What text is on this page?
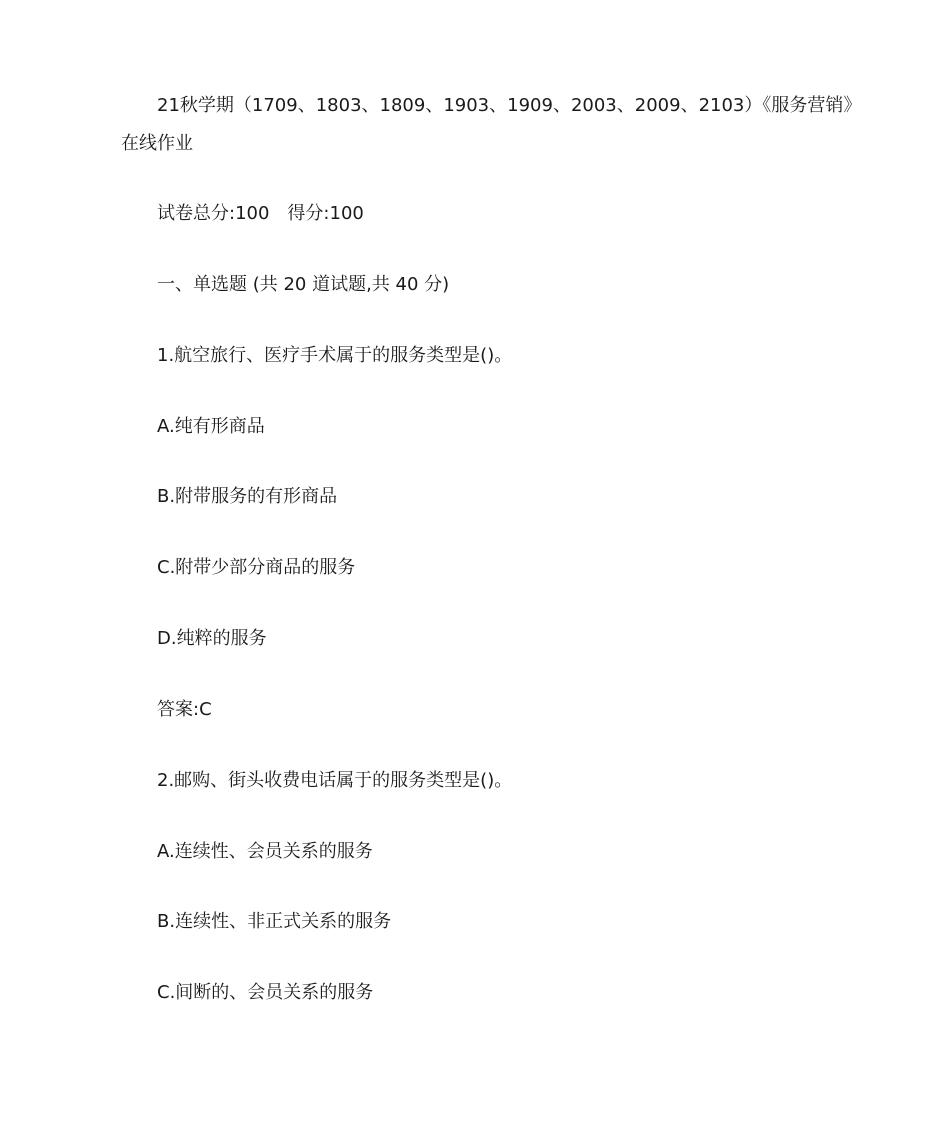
21秋学期（1709、1803、1809、1903、1909、2003、2009、2103）《服务营销》
在线作业
试卷总分:100 得分:100
一、单选题 (共 20 道试题,共 40 分)
1.航空旅行、医疗手术属于的服务类型是()。
A.纯有形商品
B.附带服务的有形商品
C.附带少部分商品的服务
D.纯粹的服务
答案:C
2.邮购、街头收费电话属于的服务类型是()。
A.连续性、会员关系的服务
B.连续性、非正式关系的服务
C.间断的、会员关系的服务
